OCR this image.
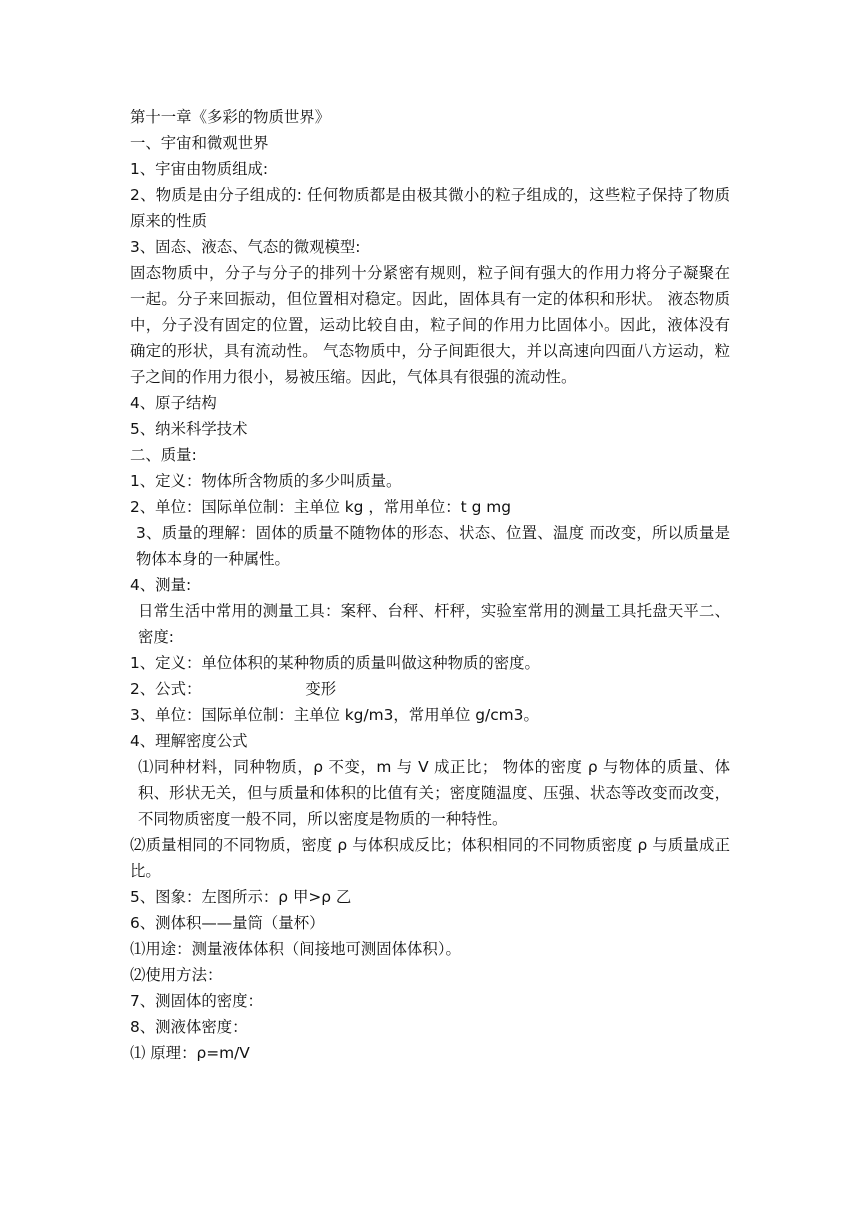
第十一章《多彩的物质世界》
一、宇宙和微观世界
1、宇宙由物质组成:
2、物质是由分子组成的: 任何物质都是由极其微小的粒子组成的，这些粒子保持了物质原来的性质
3、固态、液态、气态的微观模型:
固态物质中，分子与分子的排列十分紧密有规则，粒子间有强大的作用力将分子凝聚在一起。分子来回振动，但位置相对稳定。因此，固体具有一定的体积和形状。 液态物质中，分子没有固定的位置，运动比较自由，粒子间的作用力比固体小。因此，液体没有确定的形状，具有流动性。 气态物质中，分子间距很大，并以高速向四面八方运动，粒子之间的作用力很小，易被压缩。因此，气体具有很强的流动性。
4、原子结构
5、纳米科学技术
二、质量:
1、定义：物体所含物质的多少叫质量。
2、单位：国际单位制：主单位 kg ，常用单位：t g mg
3、质量的理解：固体的质量不随物体的形态、状态、位置、温度 而改变，所以质量是物体本身的一种属性。
4、测量:
日常生活中常用的测量工具：案秤、台秤、杆秤，实验室常用的测量工具托盘天平二、密度:
1、定义：单位体积的某种物质的质量叫做这种物质的密度。
2、公式：	变形
3、单位：国际单位制：主单位 kg/m3，常用单位 g/cm3。
4、理解密度公式
⑴同种材料，同种物质，ρ 不变，m 与 V 成正比； 物体的密度 ρ 与物体的质量、体积、形状无关，但与质量和体积的比值有关；密度随温度、压强、状态等改变而改变，不同物质密度一般不同，所以密度是物质的一种特性。
⑵质量相同的不同物质，密度 ρ 与体积成反比；体积相同的不同物质密度 ρ 与质量成正比。
5、图象：左图所示：ρ 甲>ρ 乙
6、测体积——量筒（量杯）
⑴用途：测量液体体积（间接地可测固体体积）。
⑵使用方法：
7、测固体的密度：
8、测液体密度：
⑴ 原理：ρ=m/V
